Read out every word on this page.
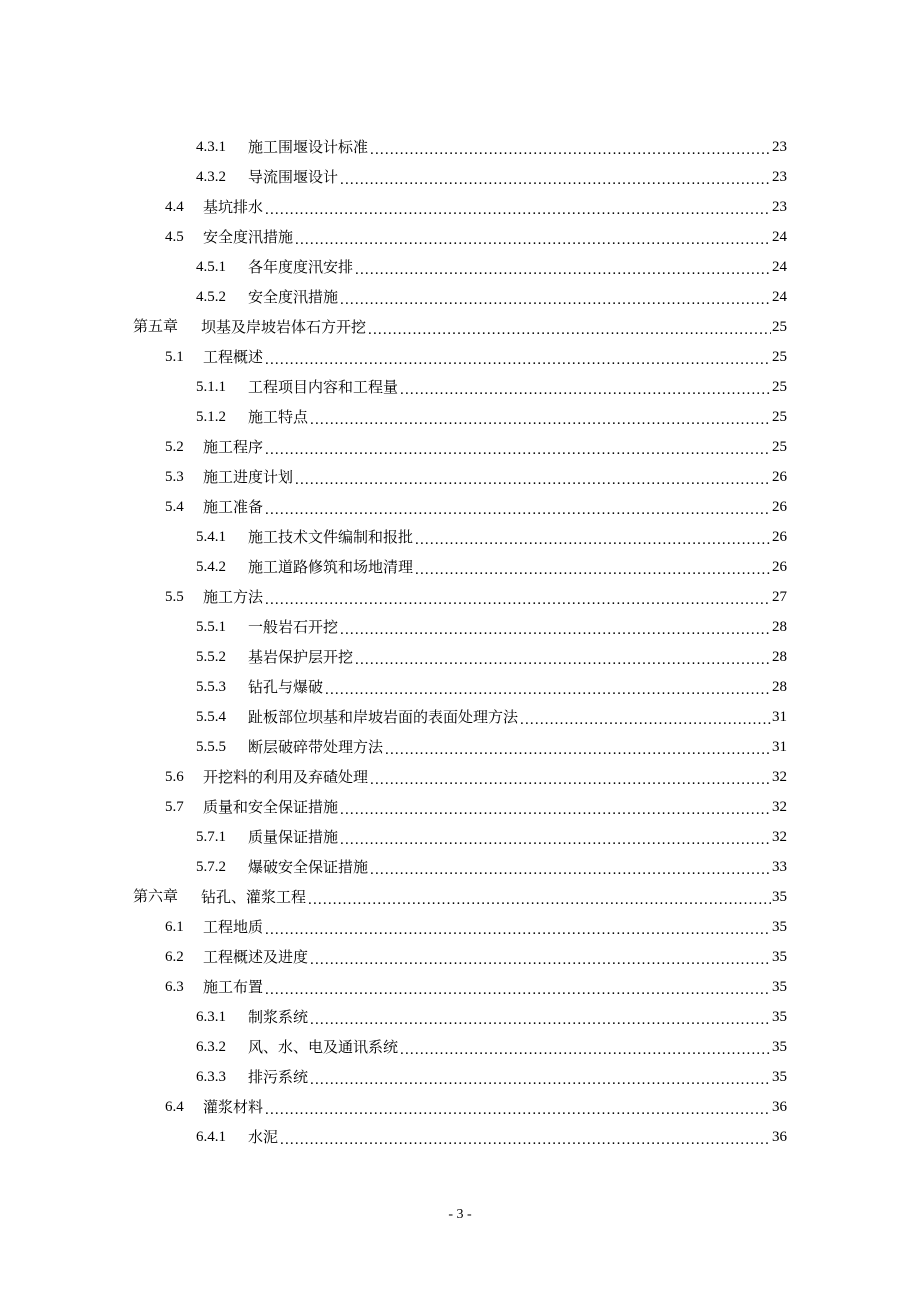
4.3.1	施工围堰设计标准 .....	23
4.3.2	导流围堰设计 .....	23
4.4	基坑排水 .....	23
4.5	安全度汛措施 .....	24
4.5.1	各年度度汛安排 .....	24
4.5.2	安全度汛措施 .....	24
第五章	坝基及岸坡岩体石方开挖 .....	25
5.1	工程概述 .....	25
5.1.1	工程项目内容和工程量 .....	25
5.1.2	施工特点 .....	25
5.2	施工程序 .....	25
5.3	施工进度计划 .....	26
5.4	施工准备 .....	26
5.4.1	施工技术文件编制和报批 .....	26
5.4.2	施工道路修筑和场地清理 .....	26
5.5	施工方法 .....	27
5.5.1	一般岩石开挖 .....	28
5.5.2	基岩保护层开挖 .....	28
5.5.3	钻孔与爆破 .....	28
5.5.4	趾板部位坝基和岸坡岩面的表面处理方法 .....	31
5.5.5	断层破碎带处理方法 .....	31
5.6	开挖料的利用及弃碴处理 .....	32
5.7	质量和安全保证措施 .....	32
5.7.1	质量保证措施 .....	32
5.7.2	爆破安全保证措施 .....	33
第六章	钻孔、灌浆工程 .....	35
6.1	工程地质 .....	35
6.2	工程概述及进度 .....	35
6.3	施工布置 .....	35
6.3.1	制浆系统 .....	35
6.3.2	风、水、电及通讯系统 .....	35
6.3.3	排污系统 .....	35
6.4	灌浆材料 .....	36
6.4.1	水泥 .....	36
- 3 -
